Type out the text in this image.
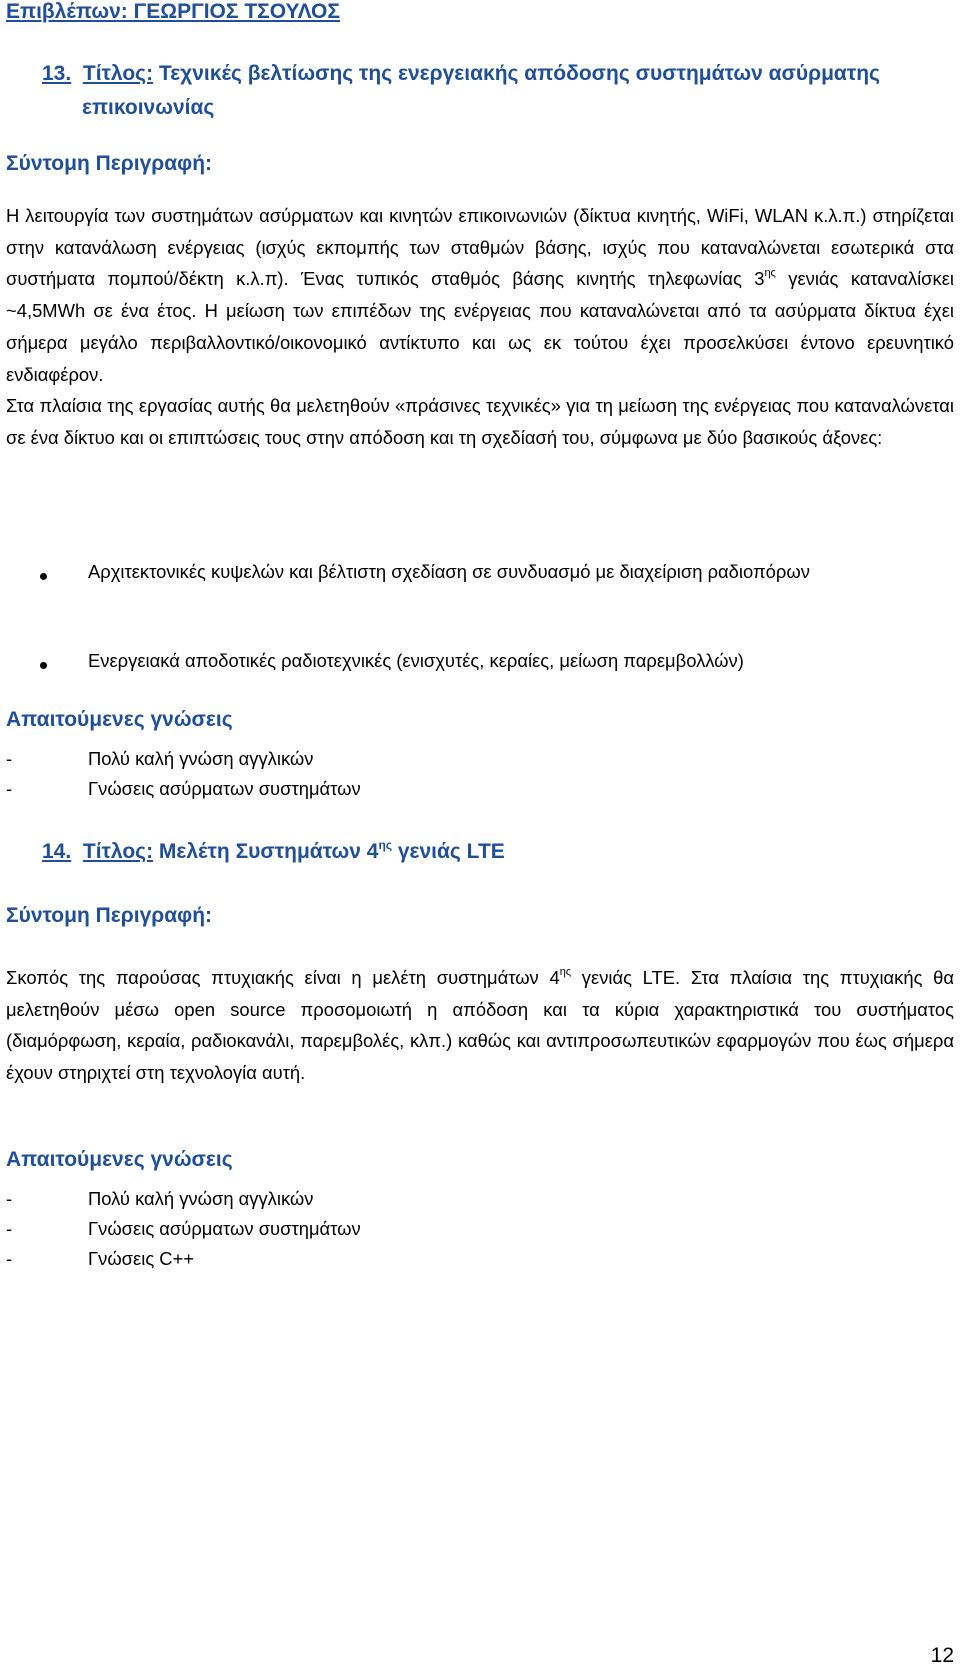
Επιβλέπων: ΓΕΩΡΓΙΟΣ ΤΣΟΥΛΟΣ
13. Τίτλος: Τεχνικές βελτίωσης της ενεργειακής απόδοσης συστημάτων ασύρματης
επικοινωνίας
Σύντομη Περιγραφή:

Η λειτουργία των συστημάτων ασύρματων και κινητών επικοινωνιών (δίκτυα κινητής, WiFi, WLAN κ.λ.π.) στηρίζεται στην κατανάλωση ενέργειας (ισχύς εκπομπής των σταθμών βάσης, ισχύς που καταναλώνεται εσωτερικά στα συστήματα πομπού/δέκτη κ.λ.π). Ένας τυπικός σταθμός βάσης κινητής τηλεφωνίας $3^{\eta\varsigma}$ γενιάς καταναλίσκει ~4,5MWh σε ένα έτος. Η μείωση των επιπέδων της ενέργειας που καταναλώνεται από τα ασύρματα δίκτυα έχει σήμερα μεγάλο περιβαλλοντικό/οικονομικό αντίκτυπο και ως εκ τούτου έχει προσελκύσει έντονο ερευνητικό ενδιαφέρον.

Στα πλαίσια της εργασίας αυτής θα μελετηθούν «πράσινες τεχνικές» για τη μείωση της ενέργειας που καταναλώνεται σε ένα δίκτυο και οι επιπτώσεις τους στην απόδοση και τη σχεδίασή του, σύμφωνα με δύο βασικούς άξονες:

Αρχιτεκτονικές κυψελών και βέλτιστη σχεδίαση σε συνδυασμό με διαχείριση ραδιοπόρων
Ενεργειακά αποδοτικές ραδιοτεχνικές (ενισχυτές, κεραίες, μείωση παρεμβολλών)
Απαιτούμενες γνώσεις
-	Πολύ καλή γνώση αγγλικών
-	Γνώσεις ασύρματων συστημάτων
14. Τίτλος: Μελέτη Συστημάτων $4^{\eta\varsigma}$ γενιάς LTE
Σύντομη Περιγραφή:

Σκοπός της παρούσας πτυχιακής είναι η μελέτη συστημάτων $4^{\eta\varsigma}$ γενιάς LTE. Στα πλαίσια της πτυχιακής θα μελετηθούν μέσω open source προσομοιωτή η απόδοση και τα κύρια χαρακτηριστικά του συστήματος (διαμόρφωση, κεραία, ραδιοκανάλι, παρεμβολές, κλπ.) καθώς και αντιπροσωπευτικών εφαρμογών που έως σήμερα έχουν στηριχτεί στη τεχνολογία αυτή.

Απαιτούμενες γνώσεις
-	Πολύ καλή γνώση αγγλικών
-	Γνώσεις ασύρματων συστημάτων
-	Γνώσεις C++
12
